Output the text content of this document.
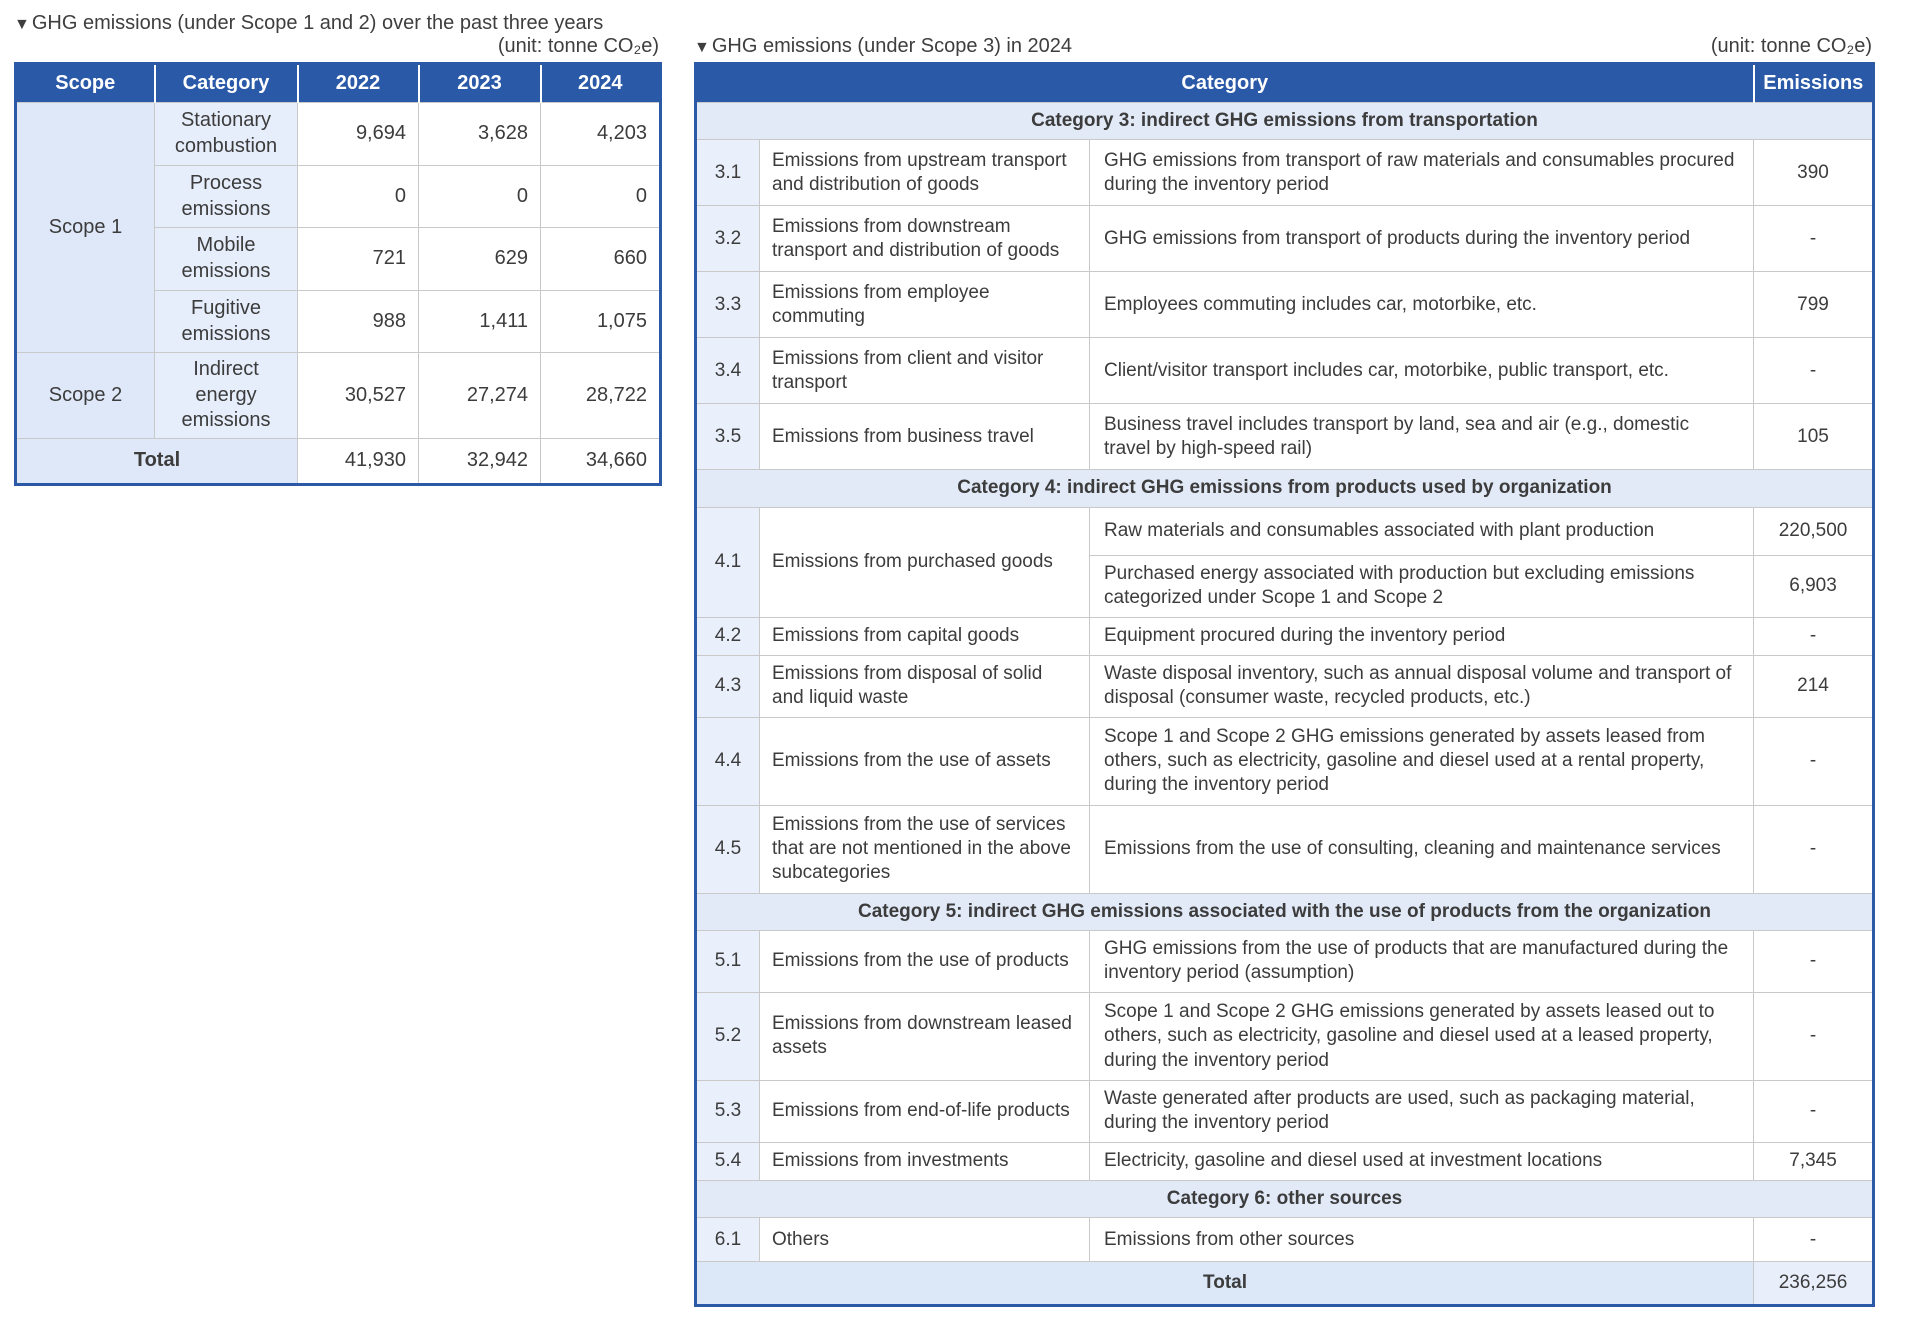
▼ GHG emissions (under Scope 1 and 2) over the past three years
(unit: tonne CO₂e)
Scope	Category	2022	2023	2024
Scope 1	Stationary combustion	9,694	3,628	4,203
	Process emissions	0	0	0
	Mobile emissions	721	629	660
	Fugitive emissions	988	1,411	1,075
Scope 2	Indirect energy emissions	30,527	27,274	28,722
Total		41,930	32,942	34,660
▼ GHG emissions (under Scope 3) in 2024	(unit: tonne CO₂e)
Category			Emissions
Category 3: indirect GHG emissions from transportation			
3.1	Emissions from upstream transport and distribution of goods	GHG emissions from transport of raw materials and consumables procured during the inventory period	390
3.2	Emissions from downstream transport and distribution of goods	GHG emissions from transport of products during the inventory period	-
3.3	Emissions from employee commuting	Employees commuting includes car, motorbike, etc.	799
3.4	Emissions from client and visitor transport	Client/visitor transport includes car, motorbike, public transport, etc.	-
3.5	Emissions from business travel	Business travel includes transport by land, sea and air (e.g., domestic travel by high-speed rail)	105
Category 4: indirect GHG emissions from products used by organization			
4.1	Emissions from purchased goods	Raw materials and consumables associated with plant production	220,500
		Purchased energy associated with production but excluding emissions categorized under Scope 1 and Scope 2	6,903
4.2	Emissions from capital goods	Equipment procured during the inventory period	-
4.3	Emissions from disposal of solid and liquid waste	Waste disposal inventory, such as annual disposal volume and transport of disposal (consumer waste, recycled products, etc.)	214
4.4	Emissions from the use of assets	Scope 1 and Scope 2 GHG emissions generated by assets leased from others, such as electricity, gasoline and diesel used at a rental property, during the inventory period	-
4.5	Emissions from the use of services that are not mentioned in the above subcategories	Emissions from the use of consulting, cleaning and maintenance services	-
Category 5: indirect GHG emissions associated with the use of products from the organization			
5.1	Emissions from the use of products	GHG emissions from the use of products that are manufactured during the inventory period (assumption)	-
5.2	Emissions from downstream leased assets	Scope 1 and Scope 2 GHG emissions generated by assets leased out to others, such as electricity, gasoline and diesel used at a leased property, during the inventory period	-
5.3	Emissions from end-of-life products	Waste generated after products are used, such as packaging material, during the inventory period	-
5.4	Emissions from investments	Electricity, gasoline and diesel used at investment locations	7,345
Category 6: other sources			
6.1	Others	Emissions from other sources	-
Total			236,256
